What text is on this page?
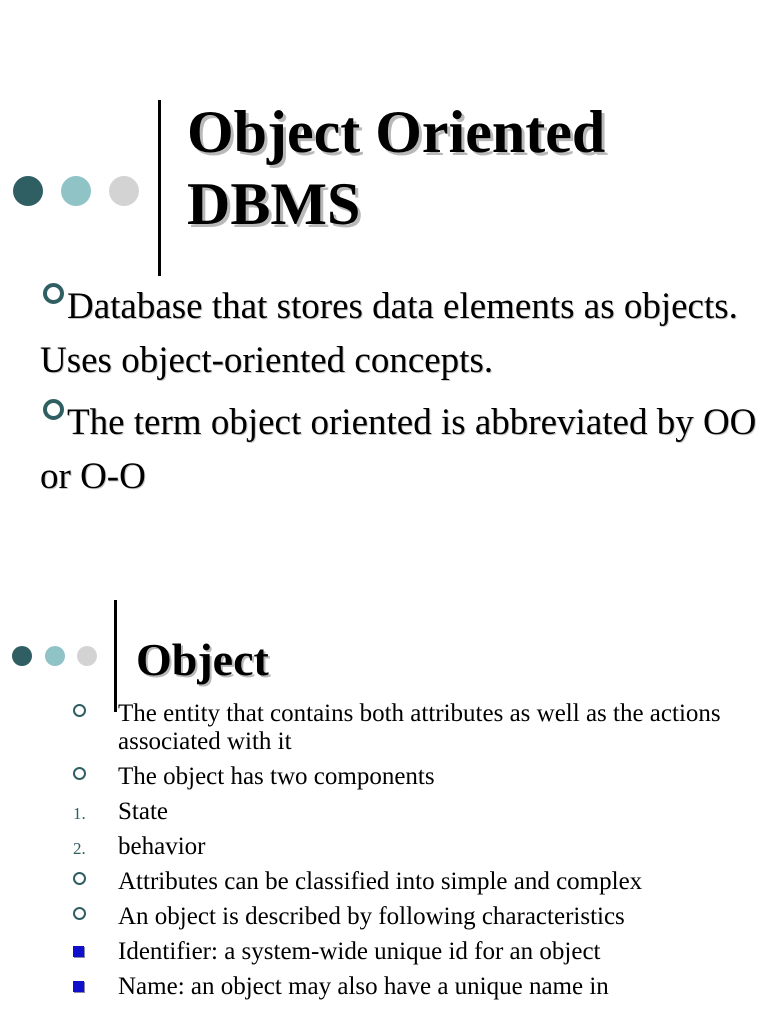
Object Oriented
DBMS
Database that stores data elements as objects. Uses object-oriented concepts.
The term object oriented is abbreviated by OO or O-O
Object
The entity that contains both attributes as well as the actions associated with it
The object has two components
1. State
2. behavior
Attributes can be classified into simple and complex
An object is described by following characteristics
Identifier: a system-wide unique id for an object
Name: an object may also have a unique name in
